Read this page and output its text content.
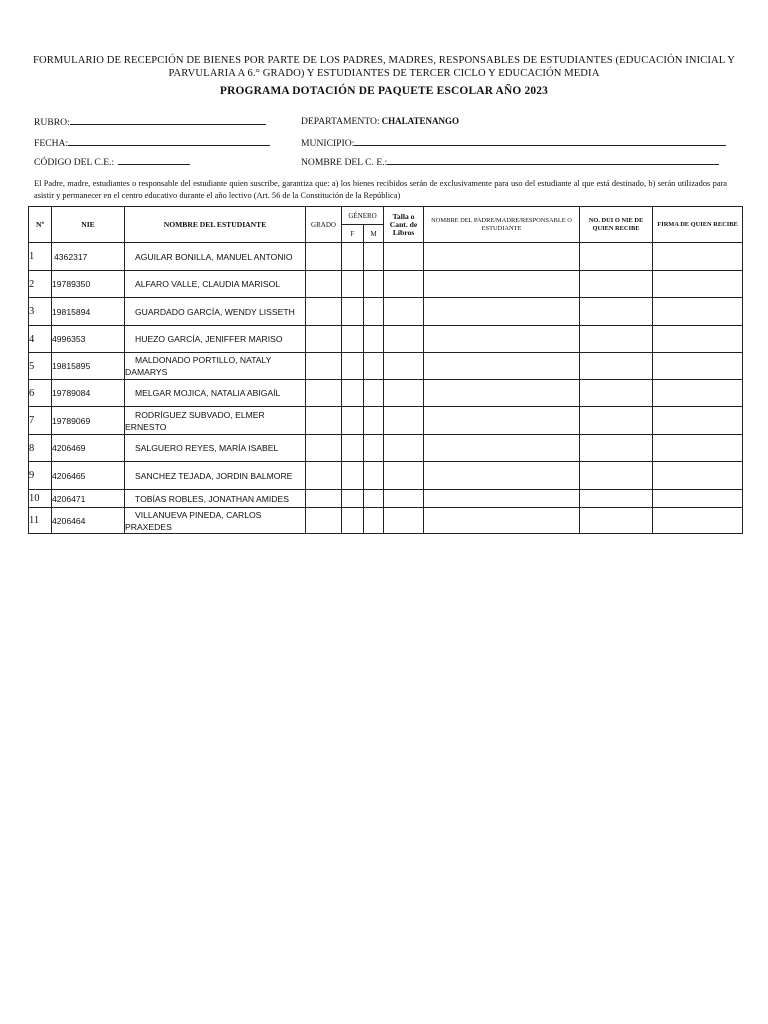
FORMULARIO DE RECEPCIÓN DE BIENES POR PARTE DE LOS PADRES, MADRES, RESPONSABLES DE ESTUDIANTES (EDUCACIÓN INICIAL Y
PARVULARIA A 6.° GRADO) Y ESTUDIANTES DE TERCER CICLO Y EDUCACIÓN MEDIA
PROGRAMA DOTACIÓN DE PAQUETE ESCOLAR AÑO 2023
RUBRO:	DEPARTAMENTO: CHALATENANGO
FECHA:	MUNICIPIO:
CÓDIGO DEL C.E.:	NOMBRE DEL C. E.:
El Padre, madre, estudiantes o responsable del estudiante quien suscribe, garantiza que: a) los bienes recibidos serán de exclusivamente para uso del estudiante al que está destinado, b) serán utilizados para asistir y permanecer en el centro educativo durante el año lectivo (Art. 56 de la Constitución de la República)
Nº	NIE	NOMBRE DEL ESTUDIANTE	GRADO	GÉNERO		Talla o Cant. de Libros	NOMBRE DEL PADRE/MADRE/RESPONSABLE O ESTUDIANTE	NO. DUI O NIE DE QUIEN RECIBE	FIRMA DE QUIEN RECIBE
				F	M				
1	4362317	AGUILAR BONILLA, MANUEL ANTONIO							
2	19789350	ALFARO VALLE, CLAUDIA MARISOL							
3	19815894	GUARDADO GARCÍA, WENDY LISSETH							
4	4996353	HUEZO GARCÍA, JENIFFER MARISO							
5	19815895	MALDONADO PORTILLO, NATALY DAMARYS							
6	19789084	MELGAR MOJICA, NATALIA ABIGAÍL							
7	19789069	RODRÍGUEZ SUBVADO, ELMER ERNESTO							
8	4206469	SALGUERO REYES, MARÍA ISABEL							
9	4206465	SANCHEZ TEJADA, JORDIN BALMORE							
10	4206471	TOBÍAS ROBLES, JONATHAN AMIDES							
11	4206464	VILLANUEVA PINEDA, CARLOS PRAXEDES							
